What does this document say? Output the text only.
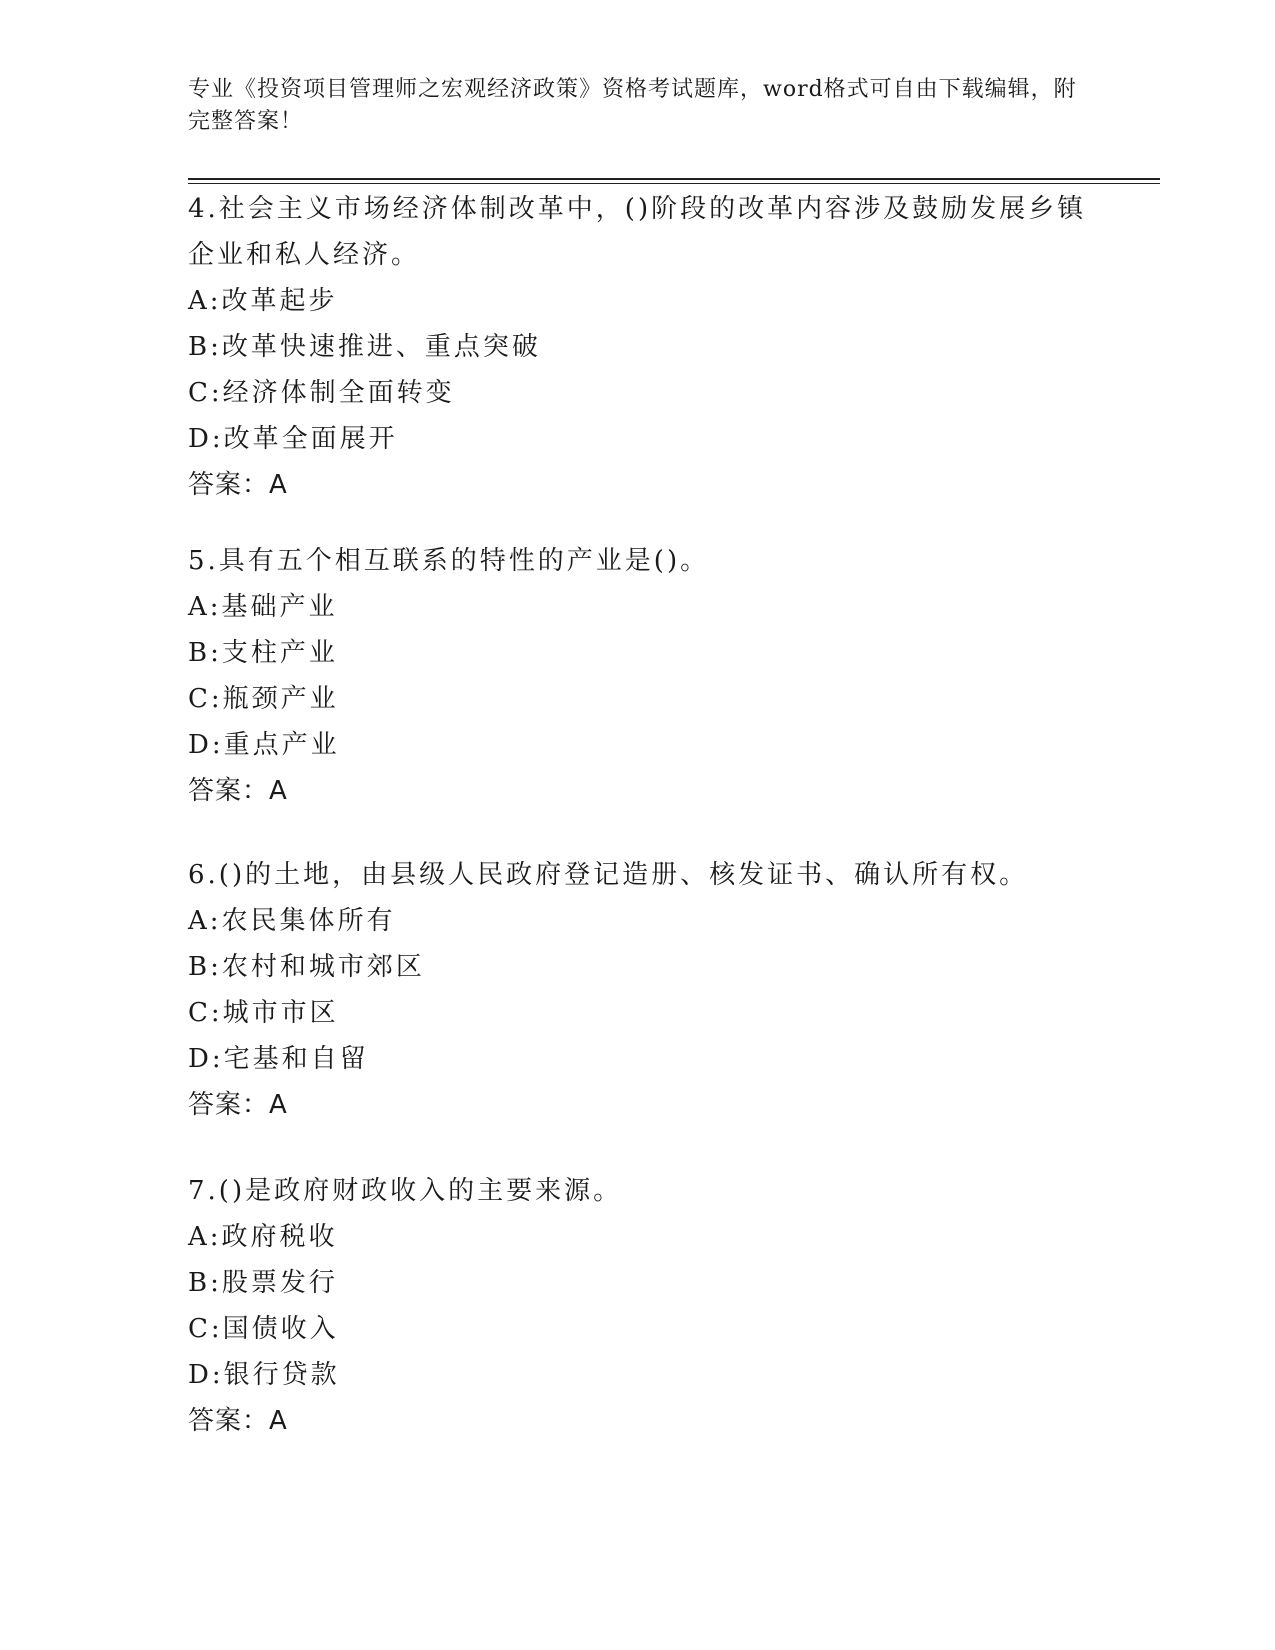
专业《投资项目管理师之宏观经济政策》资格考试题库，word格式可自由下载编辑，附完整答案！

4.社会主义市场经济体制改革中，()阶段的改革内容涉及鼓励发展乡镇企业和私人经济。

A:改革起步

B:改革快速推进、重点突破

C:经济体制全面转变

D:改革全面展开

答案：A

5.具有五个相互联系的特性的产业是()。

A:基础产业

B:支柱产业

C:瓶颈产业

D:重点产业

答案：A

6.()的土地，由县级人民政府登记造册、核发证书、确认所有权。

A:农民集体所有

B:农村和城市郊区

C:城市市区

D:宅基和自留

答案：A

7.()是政府财政收入的主要来源。

A:政府税收

B:股票发行

C:国债收入

D:银行贷款

答案：A
